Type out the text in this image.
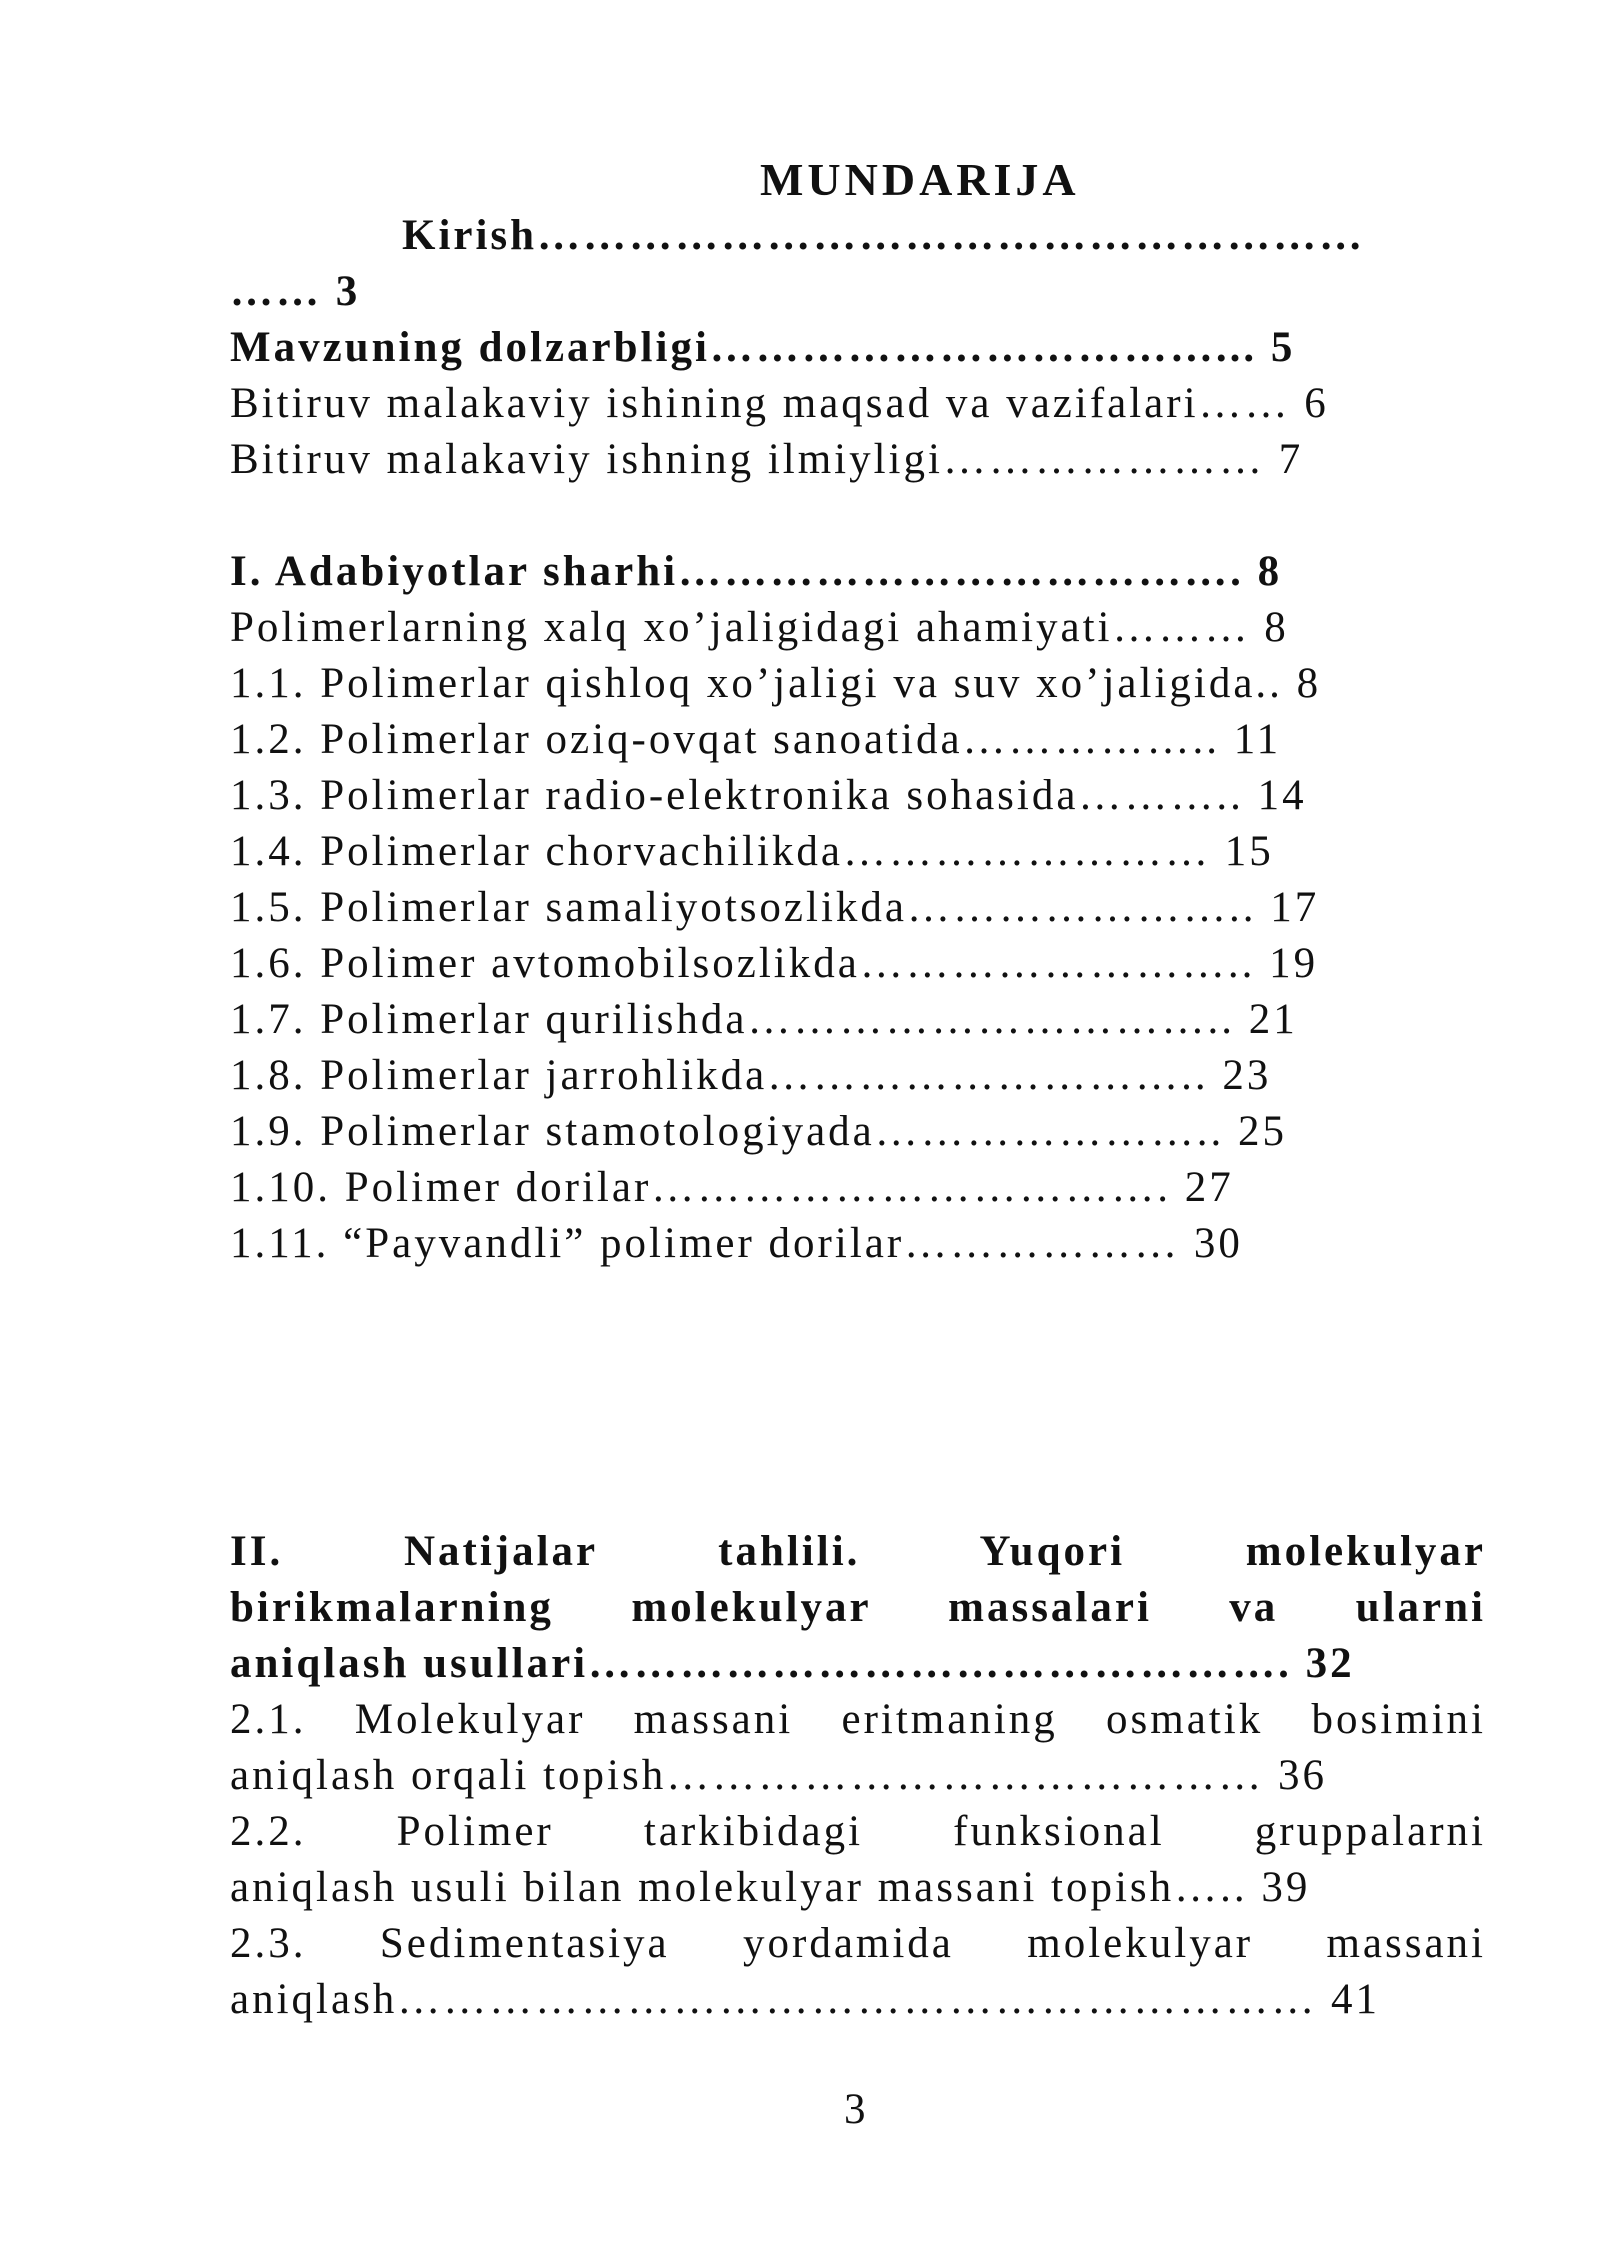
MUNDARIJA
Kirish………………………………………………
…… 3
Mavzuning dolzarbligi……………………………... 5
Bitiruv malakaviy ishining maqsad va vazifalari…… 6
Bitiruv malakaviy ishning ilmiyligi………………… 7
I. Adabiyotlar sharhi………………………………. 8
Polimerlarning xalq xo’jaligidagi ahamiyati……… 8
1.1. Polimerlar qishloq xo’jaligi va suv xo’jaligida.. 8
1.2. Polimerlar oziq-ovqat sanoatida…………….. 11
1.3. Polimerlar radio-elektronika sohasida……….. 14
1.4. Polimerlar chorvachilikda…………………… 15
1.5. Polimerlar samaliyotsozlikda………………….. 17
1.6. Polimer avtomobilsozlikda…………………….. 19
1.7. Polimerlar qurilishda………………………….. 21
1.8. Polimerlar jarrohlikda……………………….. 23
1.9. Polimerlar stamotologiyada………………….. 25
1.10. Polimer dorilar……………………………. 27
1.11. “Payvandli” polimer dorilar……………… 30
II. Natijalar tahlili. Yuqori molekulyar
birikmalarning molekulyar massalari va ularni
aniqlash usullari………………………………………. 32
2.1. Molekulyar massani eritmaning osmatik bosimini
aniqlash orqali topish………………………………… 36
2.2. Polimer tarkibidagi funksional gruppalarni
aniqlash usuli bilan molekulyar massani topish….. 39
2.3. Sedimentasiya yordamida molekulyar massani
aniqlash…………………………………………………… 41
3
